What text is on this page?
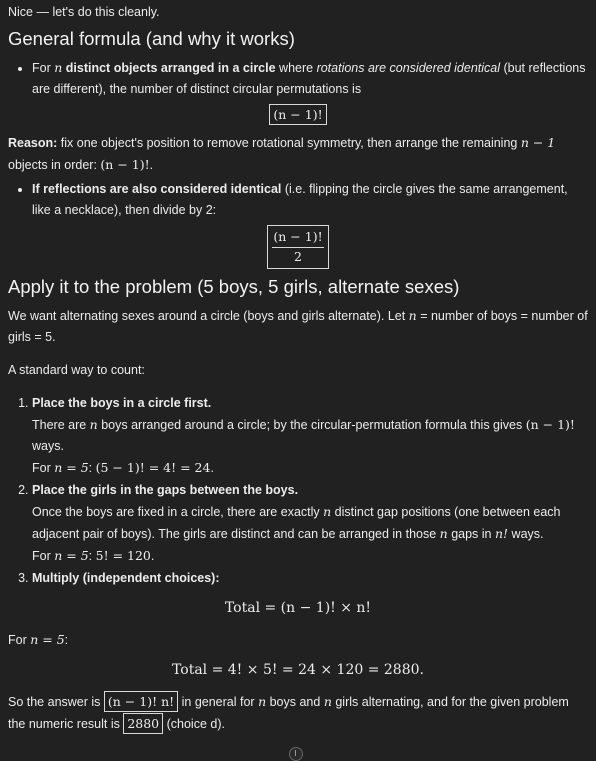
Nice — let's do this cleanly.
General formula (and why it works)
• For n distinct objects arranged in a circle where rotations are considered identical (but reflections are different), the number of distinct circular permutations is
(n − 1)!

Reason: fix one object's position to remove rotational symmetry, then arrange the remaining n − 1 objects in order: (n − 1)!.

• If reflections are also considered identical (i.e. flipping the circle gives the same arrangement, like a necklace), then divide by 2:
$\frac{(n - 1)!}{2}$
Apply it to the problem (5 boys, 5 girls, alternate sexes)

We want alternating sexes around a circle (boys and girls alternate). Let n = number of boys = number of girls = 5.

A standard way to count:

1. Place the boys in a circle first.
There are n boys arranged around a circle; by the circular-permutation formula this gives (n − 1)! ways.
For n = 5: (5 − 1)! = 4! = 24.
2. Place the girls in the gaps between the boys.
Once the boys are fixed in a circle, there are exactly n distinct gap positions (one between each adjacent pair of boys). The girls are distinct and can be arranged in those n gaps in n! ways.
For n = 5: 5! = 120.
3. Multiply (independent choices):
Total = (n − 1)! × n!

For n = 5:

Total = 4! × 5! = 24 × 120 = 2880.

So the answer is (n − 1)! n! in general for n boys and n girls alternating, and for the given problem the numeric result is 2880 (choice d).
